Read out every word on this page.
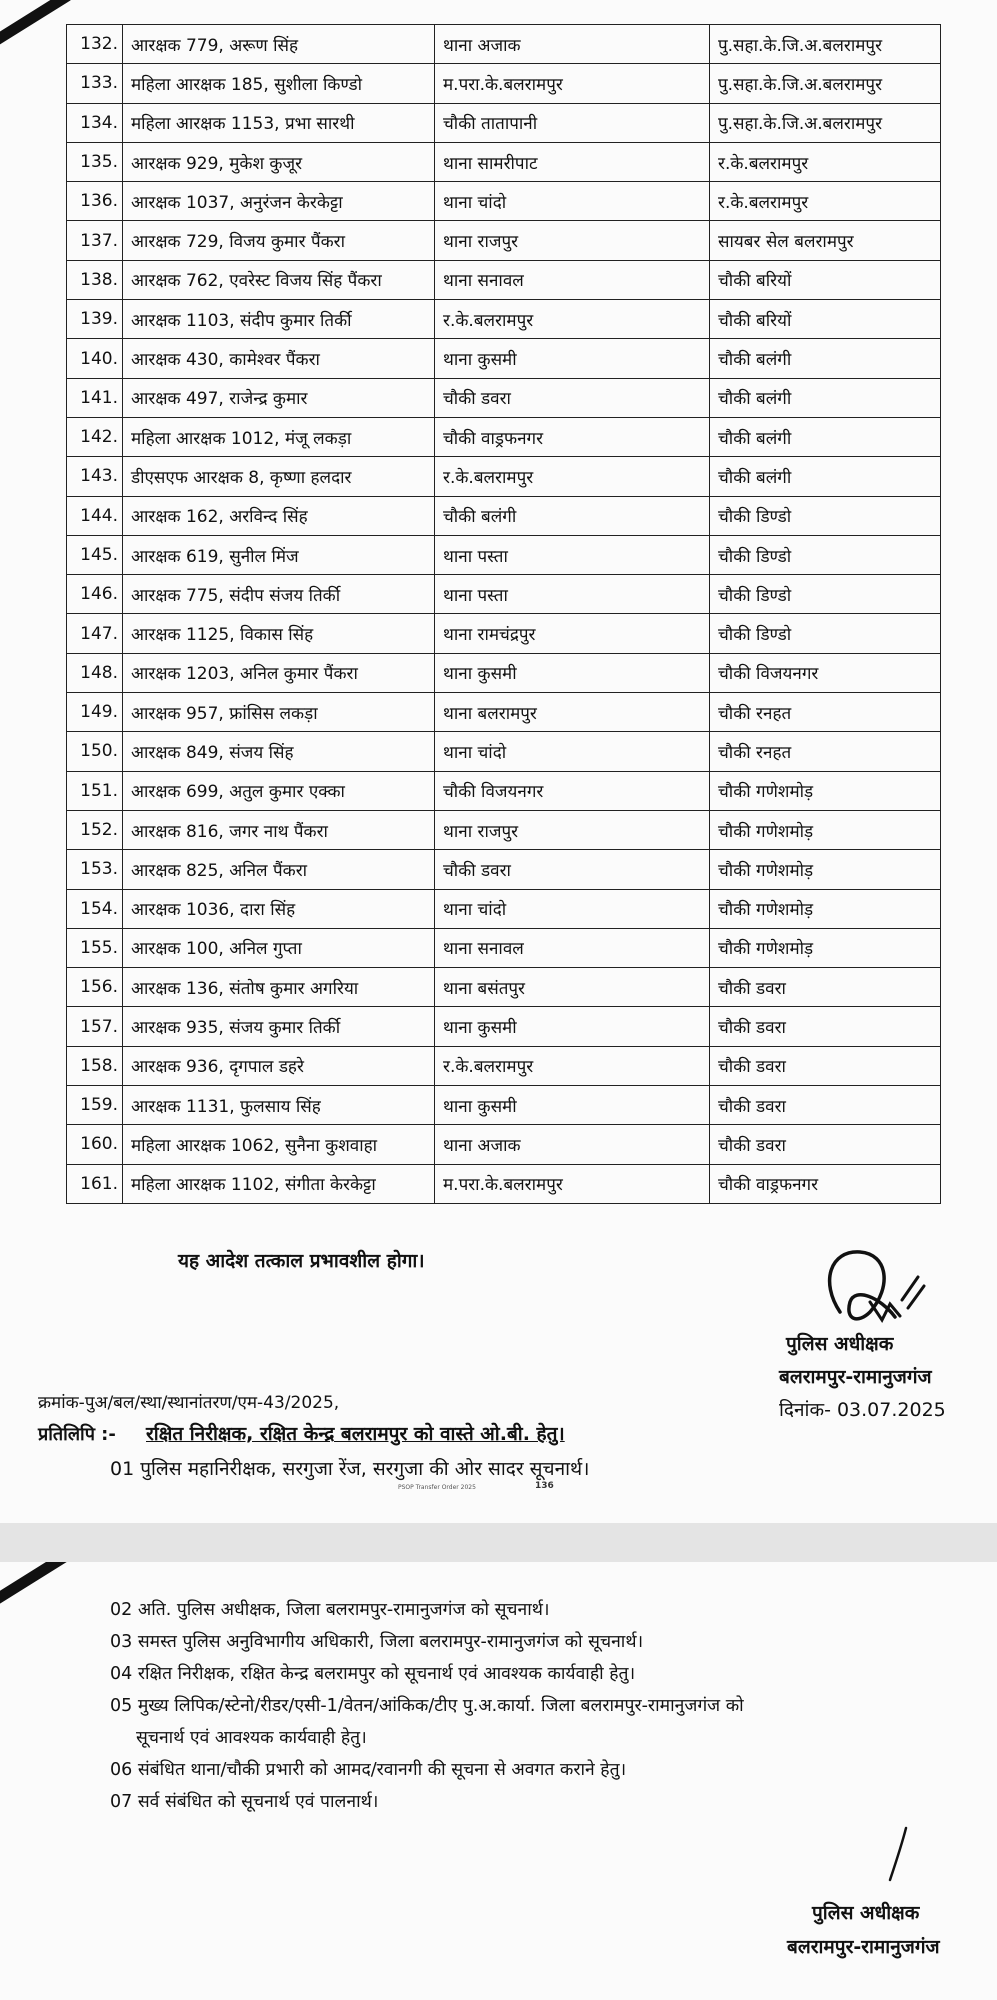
132.	आरक्षक 779, अरूण सिंह	थाना अजाक	पु.सहा.के.जि.अ.बलरामपुर
133.	महिला आरक्षक 185, सुशीला किण्डो	म.परा.के.बलरामपुर	पु.सहा.के.जि.अ.बलरामपुर
134.	महिला आरक्षक 1153, प्रभा सारथी	चौकी तातापानी	पु.सहा.के.जि.अ.बलरामपुर
135.	आरक्षक 929, मुकेश कुजूर	थाना सामरीपाट	र.के.बलरामपुर
136.	आरक्षक 1037, अनुरंजन केरकेट्टा	थाना चांदो	र.के.बलरामपुर
137.	आरक्षक 729, विजय कुमार पैंकरा	थाना राजपुर	सायबर सेल बलरामपुर
138.	आरक्षक 762, एवरेस्ट विजय सिंह पैंकरा	थाना सनावल	चौकी बरियों
139.	आरक्षक 1103, संदीप कुमार तिर्की	र.के.बलरामपुर	चौकी बरियों
140.	आरक्षक 430, कामेश्वर पैंकरा	थाना कुसमी	चौकी बलंगी
141.	आरक्षक 497, राजेन्द्र कुमार	चौकी डवरा	चौकी बलंगी
142.	महिला आरक्षक 1012, मंजू लकड़ा	चौकी वाड्रफनगर	चौकी बलंगी
143.	डीएसएफ आरक्षक 8, कृष्णा हलदार	र.के.बलरामपुर	चौकी बलंगी
144.	आरक्षक 162, अरविन्द सिंह	चौकी बलंगी	चौकी डिण्डो
145.	आरक्षक 619, सुनील मिंज	थाना पस्ता	चौकी डिण्डो
146.	आरक्षक 775, संदीप संजय तिर्की	थाना पस्ता	चौकी डिण्डो
147.	आरक्षक 1125, विकास सिंह	थाना रामचंद्रपुर	चौकी डिण्डो
148.	आरक्षक 1203, अनिल कुमार पैंकरा	थाना कुसमी	चौकी विजयनगर
149.	आरक्षक 957, फ्रांसिस लकड़ा	थाना बलरामपुर	चौकी रनहत
150.	आरक्षक 849, संजय सिंह	थाना चांदो	चौकी रनहत
151.	आरक्षक 699, अतुल कुमार एक्का	चौकी विजयनगर	चौकी गणेशमोड़
152.	आरक्षक 816, जगर नाथ पैंकरा	थाना राजपुर	चौकी गणेशमोड़
153.	आरक्षक 825, अनिल पैंकरा	चौकी डवरा	चौकी गणेशमोड़
154.	आरक्षक 1036, दारा सिंह	थाना चांदो	चौकी गणेशमोड़
155.	आरक्षक 100, अनिल गुप्ता	थाना सनावल	चौकी गणेशमोड़
156.	आरक्षक 136, संतोष कुमार अगरिया	थाना बसंतपुर	चौकी डवरा
157.	आरक्षक 935, संजय कुमार तिर्की	थाना कुसमी	चौकी डवरा
158.	आरक्षक 936, दृगपाल डहरे	र.के.बलरामपुर	चौकी डवरा
159.	आरक्षक 1131, फुलसाय सिंह	थाना कुसमी	चौकी डवरा
160.	महिला आरक्षक 1062, सुनैना कुशवाहा	थाना अजाक	चौकी डवरा
161.	महिला आरक्षक 1102, संगीता केरकेट्टा	म.परा.के.बलरामपुर	चौकी वाड्रफनगर
यह आदेश तत्काल प्रभावशील होगा।
पुलिस अधीक्षक
बलरामपुर-रामानुजगंज
दिनांक- 03.07.2025
क्रमांक-पुअ/बल/स्था/स्थानांतरण/एम-43/2025,
प्रतिलिपि :- रक्षित निरीक्षक, रक्षित केन्द्र बलरामपुर को वास्ते ओ.बी. हेतु।
01 पुलिस महानिरीक्षक, सरगुजा रेंज, सरगुजा की ओर सादर सूचनार्थ।
PSOP Transfer Order 2025	136
02 अति. पुलिस अधीक्षक, जिला बलरामपुर-रामानुजगंज को सूचनार्थ।
03 समस्त पुलिस अनुविभागीय अधिकारी, जिला बलरामपुर-रामानुजगंज को सूचनार्थ।
04 रक्षित निरीक्षक, रक्षित केन्द्र बलरामपुर को सूचनार्थ एवं आवश्यक कार्यवाही हेतु।
05 मुख्य लिपिक/स्टेनो/रीडर/एसी-1/वेतन/आंकिक/टीए पु.अ.कार्या. जिला बलरामपुर-रामानुजगंज को
सूचनार्थ एवं आवश्यक कार्यवाही हेतु।
06 संबंधित थाना/चौकी प्रभारी को आमद/रवानगी की सूचना से अवगत कराने हेतु।
07 सर्व संबंधित को सूचनार्थ एवं पालनार्थ।
पुलिस अधीक्षक
बलरामपुर-रामानुजगंज
